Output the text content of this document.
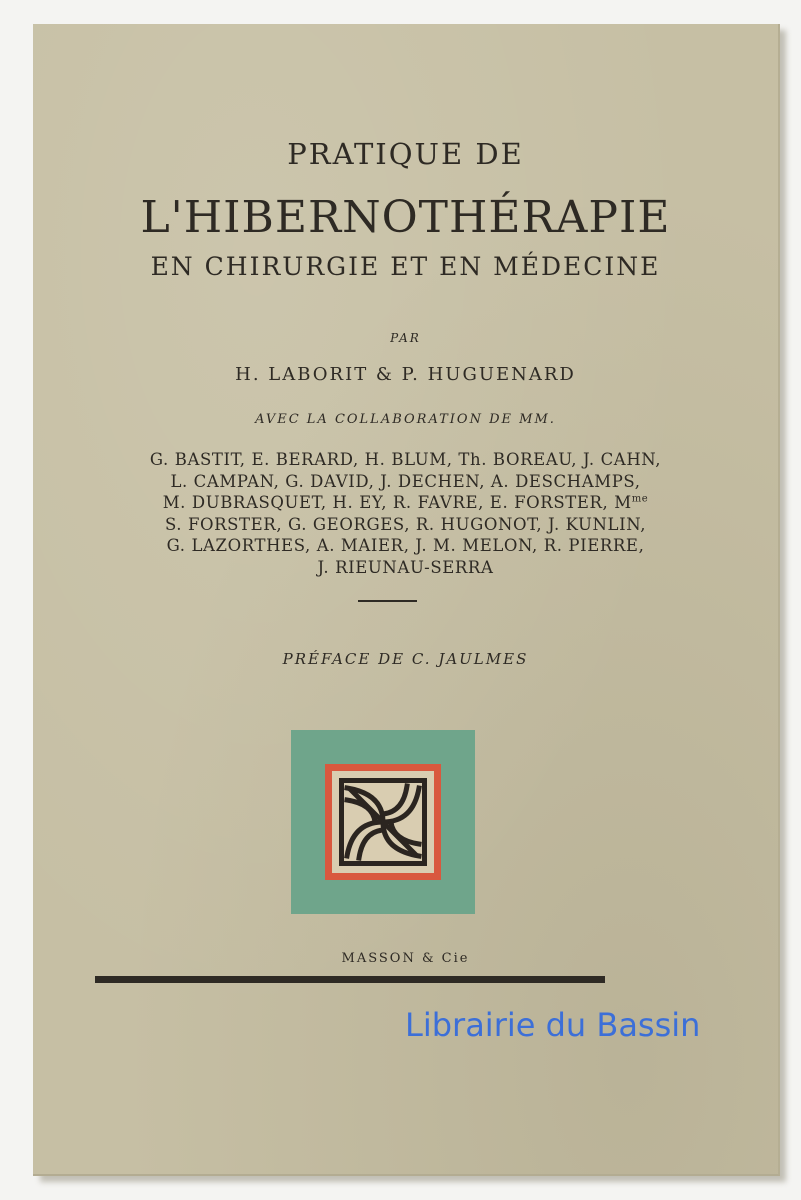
PRATIQUE DE
L'HIBERNOTHÉRAPIE
EN CHIRURGIE ET EN MÉDECINE
PAR
H. LABORIT & P. HUGUENARD
AVEC LA COLLABORATION DE MM.
G. BASTIT, E. BERARD, H. BLUM, Th. BOREAU, J. CAHN,
L. CAMPAN, G. DAVID, J. DECHEN, A. DESCHAMPS,
M. DUBRASQUET, H. EY, R. FAVRE, E. FORSTER, $M^{me}$
S. FORSTER, G. GEORGES, R. HUGONOT, J. KUNLIN,
G. LAZORTHES, A. MAIER, J. M. MELON, R. PIERRE,
J. RIEUNAU-SERRA
PRÉFACE DE C. JAULMES
MASSON & Cie
Librairie du Bassin
